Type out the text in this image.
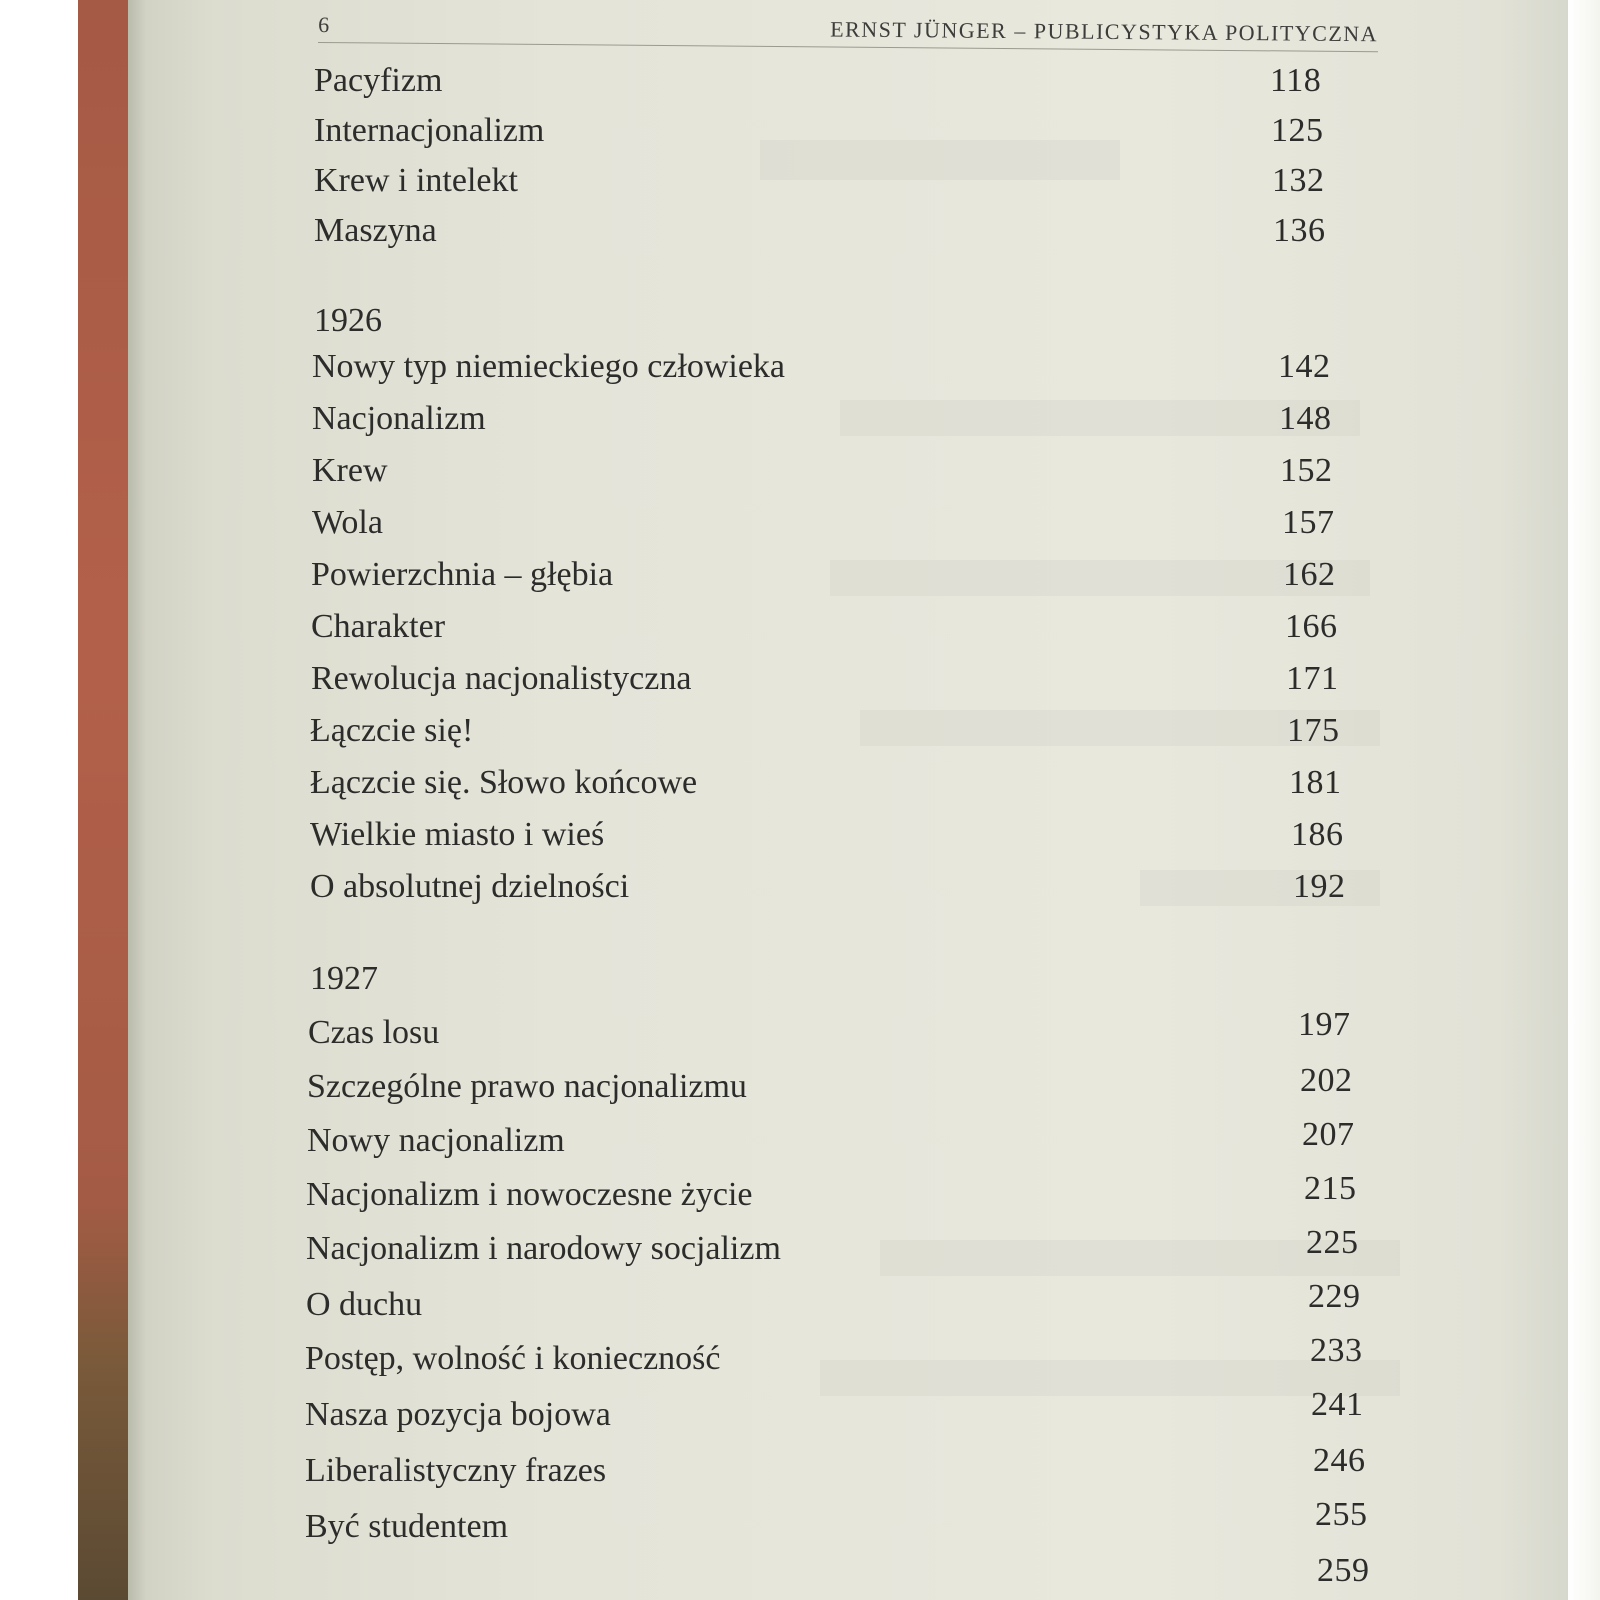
6	ERNST JÜNGER – PUBLICYSTYKA POLITYCZNA
Pacyfizm	118
Internacjonalizm	125
Krew i intelekt	132
Maszyna	136
1926
Nowy typ niemieckiego człowieka	142
Nacjonalizm	148
Krew	152
Wola	157
Powierzchnia – głębia	162
Charakter	166
Rewolucja nacjonalistyczna	171
Łączcie się!	175
Łączcie się. Słowo końcowe	181
Wielkie miasto i wieś	186
O absolutnej dzielności	192
1927
Czas losu	197
Szczególne prawo nacjonalizmu	202
Nowy nacjonalizm	207
Nacjonalizm i nowoczesne życie	215
Nacjonalizm i narodowy socjalizm	225
O duchu	229
Postęp, wolność i konieczność	233
Nasza pozycja bojowa	241
Liberalistyczny frazes	246
Być studentem	255
259
